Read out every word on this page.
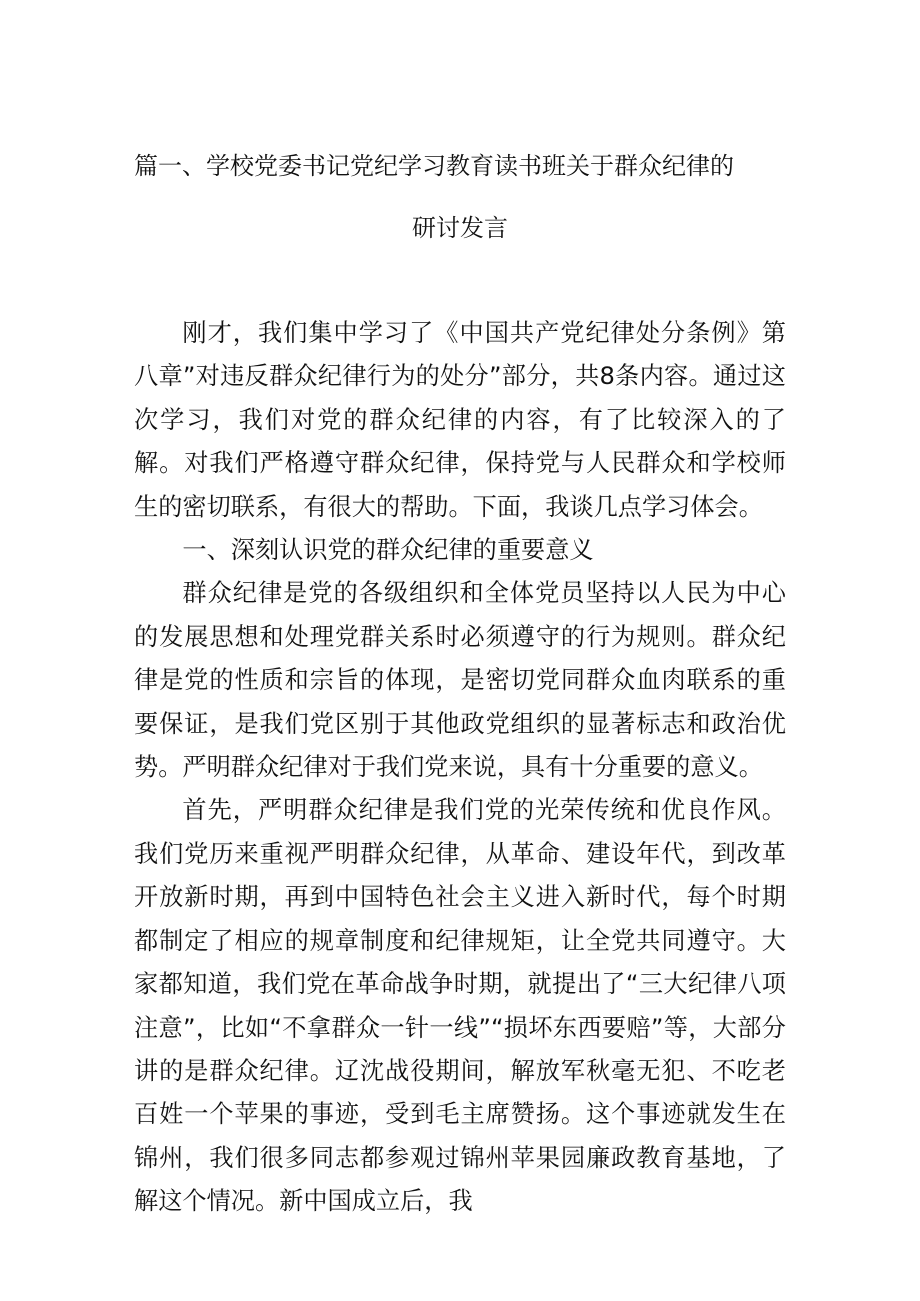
篇一、学校党委书记党纪学习教育读书班关于群众纪律的
研讨发言

刚才，我们集中学习了《中国共产党纪律处分条例》第八章”对违反群众纪律行为的处分”部分，共8条内容。通过这次学习，我们对党的群众纪律的内容，有了比较深入的了解。对我们严格遵守群众纪律，保持党与人民群众和学校师生的密切联系，有很大的帮助。下面，我谈几点学习体会。

一、深刻认识党的群众纪律的重要意义

群众纪律是党的各级组织和全体党员坚持以人民为中心的发展思想和处理党群关系时必须遵守的行为规则。群众纪律是党的性质和宗旨的体现，是密切党同群众血肉联系的重要保证，是我们党区别于其他政党组织的显著标志和政治优势。严明群众纪律对于我们党来说，具有十分重要的意义。

首先，严明群众纪律是我们党的光荣传统和优良作风。我们党历来重视严明群众纪律，从革命、建设年代，到改革开放新时期，再到中国特色社会主义进入新时代，每个时期都制定了相应的规章制度和纪律规矩，让全党共同遵守。大家都知道，我们党在革命战争时期，就提出了“三大纪律八项注意”，比如“不拿群众一针一线”“损坏东西要赔”等，大部分讲的是群众纪律。辽沈战役期间，解放军秋毫无犯、不吃老百姓一个苹果的事迹，受到毛主席赞扬。这个事迹就发生在锦州，我们很多同志都参观过锦州苹果园廉政教育基地，了解这个情况。新中国成立后，我
